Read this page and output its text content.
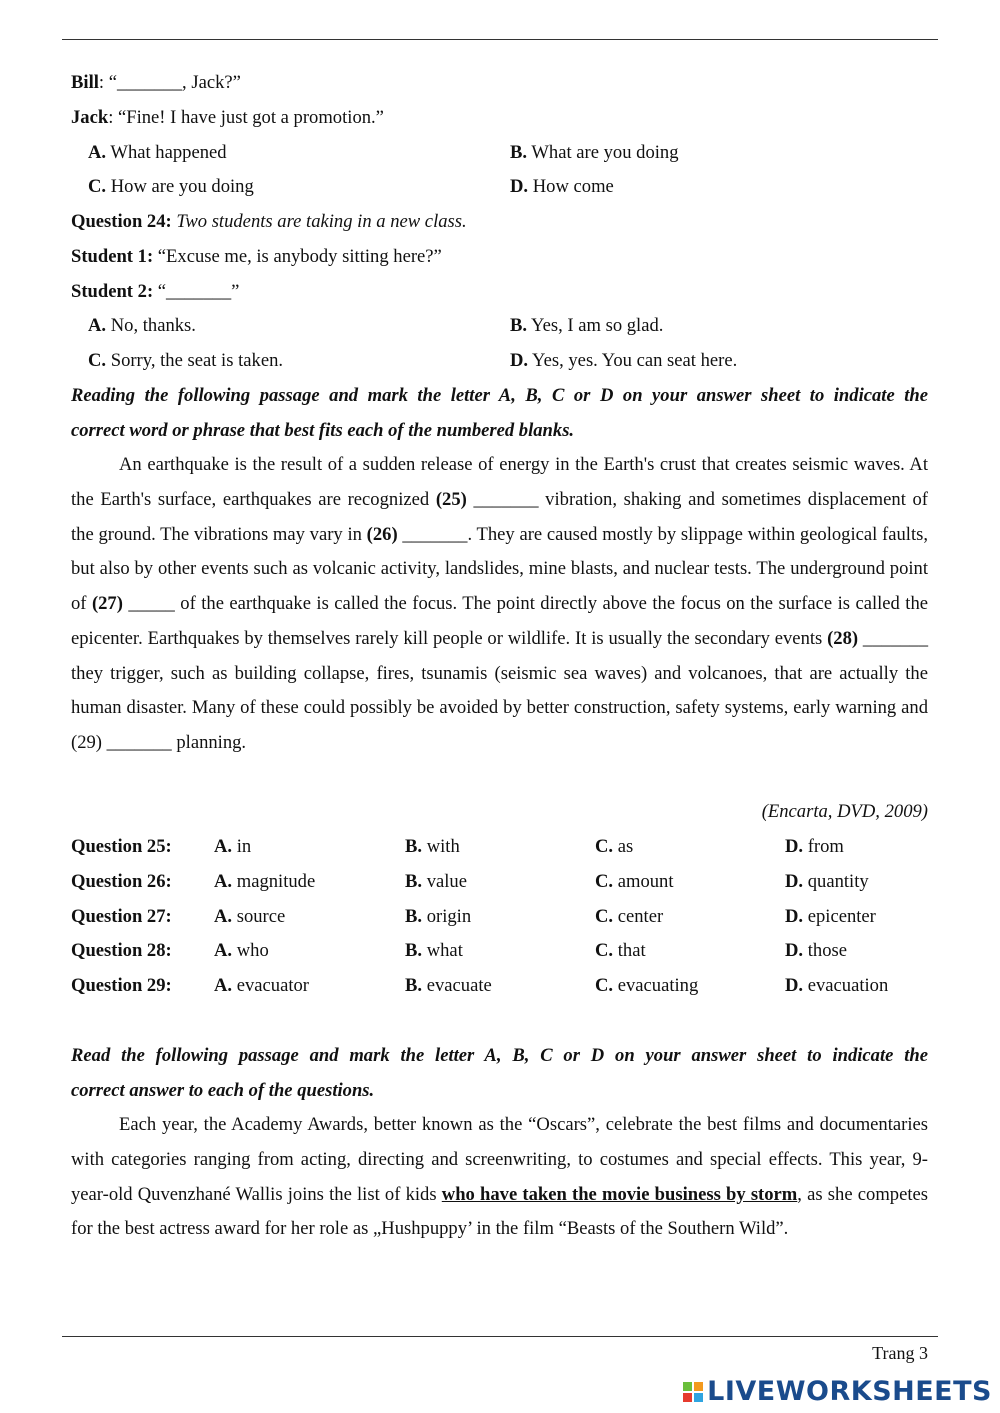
Bill: “_______, Jack?”
Jack: “Fine! I have just got a promotion.”
A. What happened	B. What are you doing
C. How are you doing	D. How come
Question 24: Two students are taking in a new class.
Student 1: “Excuse me, is anybody sitting here?”
Student 2: “_______”
A. No, thanks.	B. Yes, I am so glad.
C. Sorry, the seat is taken.	D. Yes, yes. You can seat here.
Reading the following passage and mark the letter A, B, C or D on your answer sheet to indicate the
correct word or phrase that best fits each of the numbered blanks.

An earthquake is the result of a sudden release of energy in the Earth's crust that creates seismic waves. At the Earth's surface, earthquakes are recognized (25) _______ vibration, shaking and sometimes displacement of the ground. The vibrations may vary in (26) _______. They are caused mostly by slippage within geological faults, but also by other events such as volcanic activity, landslides, mine blasts, and nuclear tests. The underground point of (27) _____ of the earthquake is called the focus. The point directly above the focus on the surface is called the epicenter. Earthquakes by themselves rarely kill people or wildlife. It is usually the secondary events (28) _______ they trigger, such as building collapse, fires, tsunamis (seismic sea waves) and volcanoes, that are actually the human disaster. Many of these could possibly be avoided by better construction, safety systems, early warning and (29) _______ planning.

(Encarta, DVD, 2009)
Question 25: A. in	B. with	C. as	D. from
Question 26: A. magnitude	B. value	C. amount	D. quantity
Question 27: A. source	B. origin	C. center	D. epicenter
Question 28: A. who	B. what	C. that	D. those
Question 29: A. evacuator	B. evacuate	C. evacuating	D. evacuation
Read the following passage and mark the letter A, B, C or D on your answer sheet to indicate the
correct answer to each of the questions.

Each year, the Academy Awards, better known as the “Oscars”, celebrate the best films and documentaries with categories ranging from acting, directing and screenwriting, to costumes and special effects. This year, 9-year-old Quvenzhané Wallis joins the list of kids who have taken the movie business by storm, as she competes for the best actress award for her role as „Hushpuppy’ in the film “Beasts of the Southern Wild”.

Trang 3
LIVEWORKSHEETS
